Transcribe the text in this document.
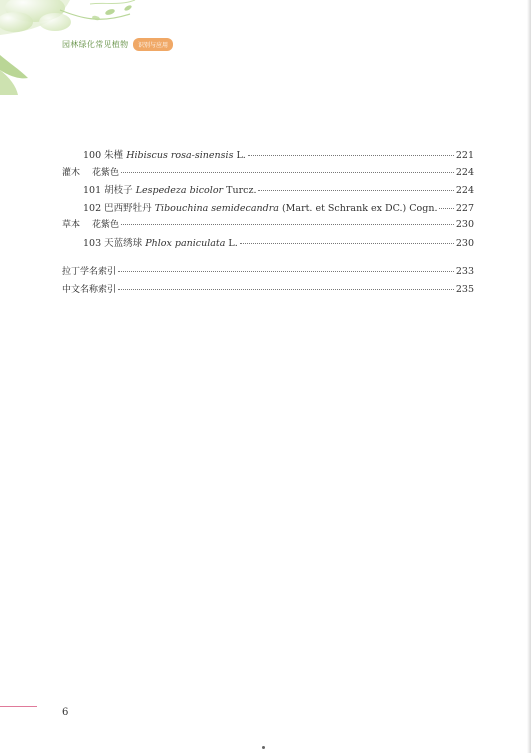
园林绿化常见植物	识别与应用
100 朱槿 Hibiscus rosa-sinensis L.	221
灌木 花紫色	224
101 胡枝子 Lespedeza bicolor Turcz.	224
102 巴西野牡丹 Tibouchina semidecandra (Mart. et Schrank ex DC.) Cogn. 227
草本 花紫色	230
103 天蓝绣球 Phlox paniculata L.	230
拉丁学名索引	233
中文名称索引	235
6
